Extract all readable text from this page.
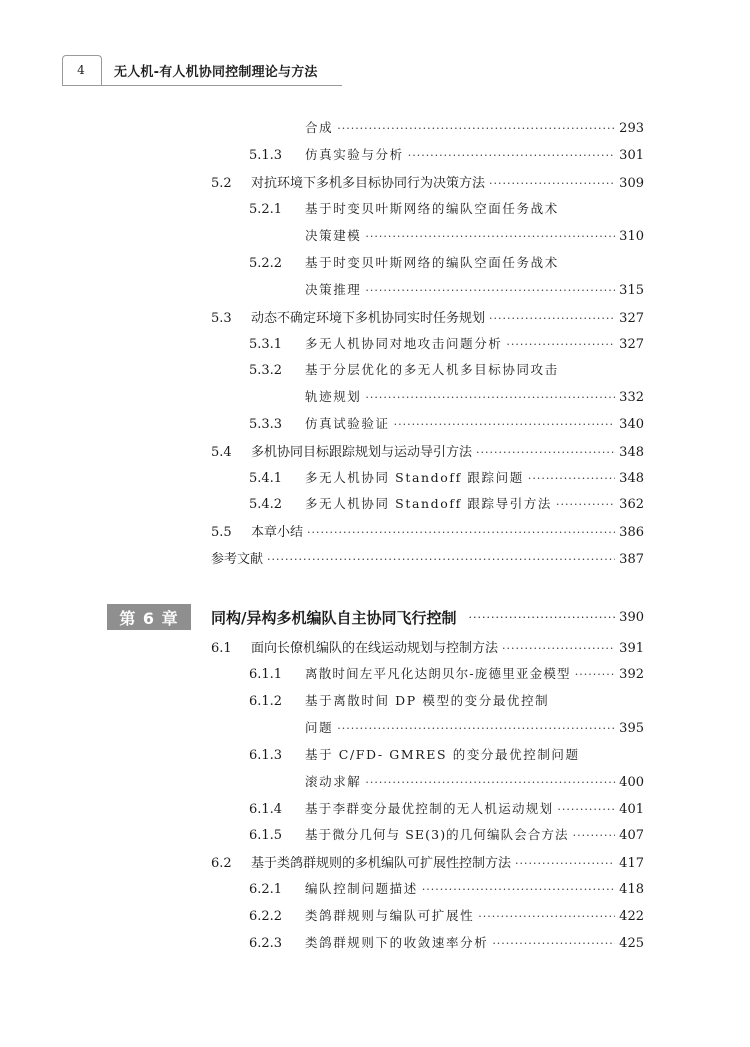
4	无人机-有人机协同控制理论与方法
合成 ·····	293
5.1.3	仿真实验与分析 ·····	301
5.2	对抗环境下多机多目标协同行为决策方法 ·····	309
5.2.1	基于时变贝叶斯网络的编队空面任务战术
决策建模 ·····	310
5.2.2	基于时变贝叶斯网络的编队空面任务战术
决策推理 ·····	315
5.3	动态不确定环境下多机协同实时任务规划 ·····	327
5.3.1	多无人机协同对地攻击问题分析 ·····	327
5.3.2	基于分层优化的多无人机多目标协同攻击
轨迹规划 ·····	332
5.3.3	仿真试验验证 ·····	340
5.4	多机协同目标跟踪规划与运动导引方法 ·····	348
5.4.1	多无人机协同 Standoff 跟踪问题 ·····	348
5.4.2	多无人机协同 Standoff 跟踪导引方法 ·····	362
5.5	本章小结 ·····	386
参考文献 ·····	387
第 6 章	同构/异构多机编队自主协同飞行控制 ·····	390
6.1	面向长僚机编队的在线运动规划与控制方法 ·····	391
6.1.1	离散时间左平凡化达朗贝尔-庞德里亚金模型 ·····	392
6.1.2	基于离散时间 DP 模型的变分最优控制
问题 ·····	395
6.1.3	基于 C/FD- GMRES 的变分最优控制问题
滚动求解 ·····	400
6.1.4	基于李群变分最优控制的无人机运动规划 ·····	401
6.1.5	基于微分几何与 SE(3)的几何编队会合方法 ·····	407
6.2	基于类鸽群规则的多机编队可扩展性控制方法 ·····	417
6.2.1	编队控制问题描述 ·····	418
6.2.2	类鸽群规则与编队可扩展性 ·····	422
6.2.3	类鸽群规则下的收敛速率分析 ·····	425
